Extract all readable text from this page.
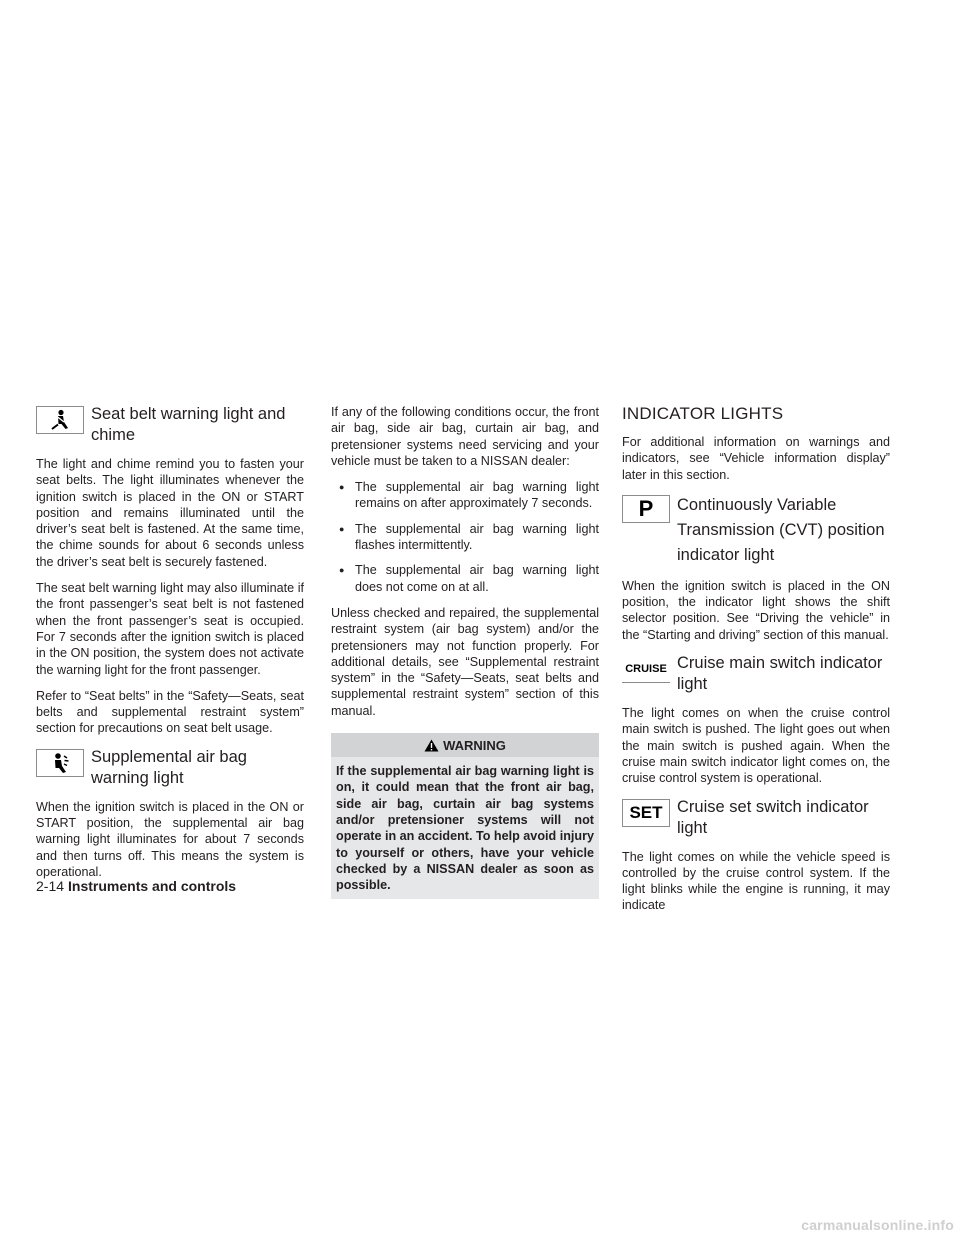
Seat belt warning light and chime

The light and chime remind you to fasten your seat belts. The light illuminates whenever the ignition switch is placed in the ON or START position and remains illuminated until the driver’s seat belt is fastened. At the same time, the chime sounds for about 6 seconds unless the driver’s seat belt is securely fastened.

The seat belt warning light may also illuminate if the front passenger’s seat belt is not fastened when the front passenger’s seat is occupied. For 7 seconds after the ignition switch is placed in the ON position, the system does not activate the warning light for the front passenger.

Refer to “Seat belts” in the “Safety—Seats, seat belts and supplemental restraint system” section for precautions on seat belt usage.

Supplemental air bag warning light

When the ignition switch is placed in the ON or START position, the supplemental air bag warning light illuminates for about 7 seconds and then turns off. This means the system is operational.

If any of the following conditions occur, the front air bag, side air bag, curtain air bag, and pretensioner systems need servicing and your vehicle must be taken to a NISSAN dealer:

● The supplemental air bag warning light remains on after approximately 7 seconds.
● The supplemental air bag warning light flashes intermittently.
● The supplemental air bag warning light does not come on at all.

Unless checked and repaired, the supplemental restraint system (air bag system) and/or the pretensioners may not function properly. For additional details, see “Supplemental restraint system” in the “Safety—Seats, seat belts and supplemental restraint system” section of this manual.

WARNING
If the supplemental air bag warning light is on, it could mean that the front air bag, side air bag, curtain air bag systems and/or pretensioner systems will not operate in an accident. To help avoid injury to yourself or others, have your vehicle checked by a NISSAN dealer as soon as possible.
INDICATOR LIGHTS

For additional information on warnings and indicators, see “Vehicle information display” later in this section.

P Continuously Variable Transmission (CVT) position indicator light

When the ignition switch is placed in the ON position, the indicator light shows the shift selector position. See “Driving the vehicle” in the “Starting and driving” section of this manual.

CRUISE Cruise main switch indicator light

The light comes on when the cruise control main switch is pushed. The light goes out when the main switch is pushed again. When the cruise main switch indicator light comes on, the cruise control system is operational.

SET Cruise set switch indicator light

The light comes on while the vehicle speed is controlled by the cruise control system. If the light blinks while the engine is running, it may indicate

2-14 Instruments and controls
carmanualsonline.info
